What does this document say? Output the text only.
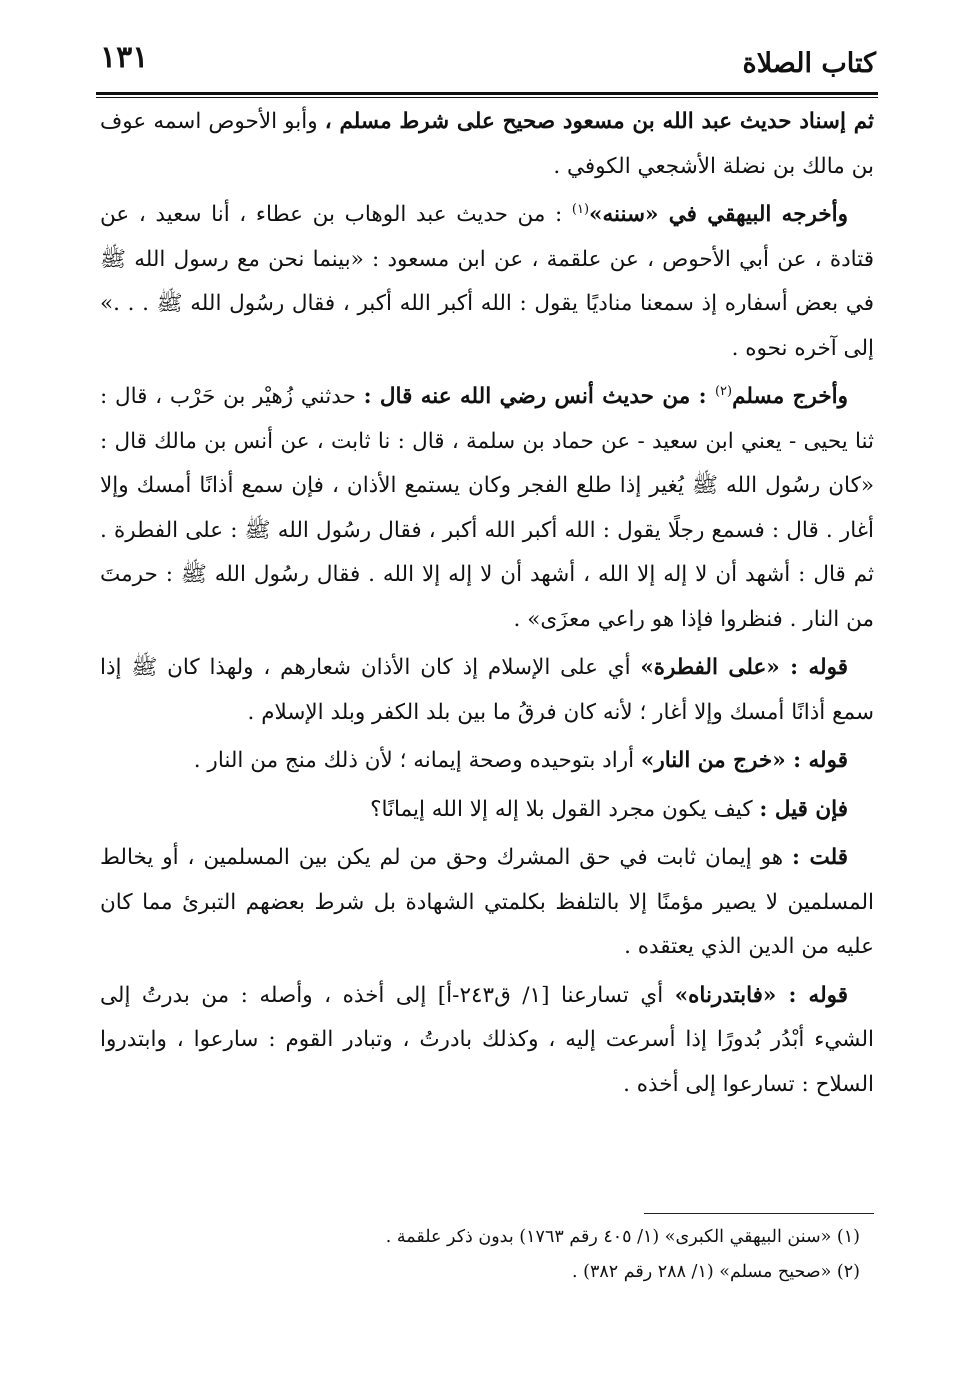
كتاب الصلاة
١٣١

ثم إسناد حديث عبد الله بن مسعود صحيح على شرط مسلم ، وأبو الأحوص اسمه عوف بن مالك بن نضلة الأشجعي الكوفي .

وأخرجه البيهقي في «سننه»$^{(١)}$ : من حديث عبد الوهاب بن عطاء ، أنا سعيد ، عن قتادة ، عن أبي الأحوص ، عن علقمة ، عن ابن مسعود : «بينما نحن مع رسول الله ﷺ في بعض أسفاره إذ سمعنا مناديًا يقول : الله أكبر الله أكبر ، فقال رسُول الله ﷺ . . .» إلى آخره نحوه .

وأخرج مسلم$^{(٢)}$ : من حديث أنس رضي الله عنه قال : حدثني زُهيْر بن حَرْب ، قال : ثنا يحيى - يعني ابن سعيد - عن حماد بن سلمة ، قال : نا ثابت ، عن أنس بن مالك قال : «كان رسُول الله ﷺ يُغير إذا طلع الفجر وكان يستمع الأذان ، فإن سمع أذانًا أمسك وإلا أغار . قال : فسمع رجلًا يقول : الله أكبر الله أكبر ، فقال رسُول الله ﷺ : على الفطرة . ثم قال : أشهد أن لا إله إلا الله ، أشهد أن لا إله إلا الله . فقال رسُول الله ﷺ : حرمتَ من النار . فنظروا فإذا هو راعي معزَى» .

قوله : «على الفطرة» أي على الإسلام إذ كان الأذان شعارهم ، ولهذا كان ﷺ إذا سمع أذانًا أمسك وإلا أغار ؛ لأنه كان فرقُ ما بين بلد الكفر وبلد الإسلام .

قوله : «خرج من النار» أراد بتوحيده وصحة إيمانه ؛ لأن ذلك منج من النار .

فإن قيل : كيف يكون مجرد القول بلا إله إلا الله إيمانًا؟

قلت : هو إيمان ثابت في حق المشرك وحق من لم يكن بين المسلمين ، أو يخالط المسلمين لا يصير مؤمنًا إلا بالتلفظ بكلمتي الشهادة بل شرط بعضهم التبرئ مما كان عليه من الدين الذي يعتقده .

قوله : «فابتدرناه» أي تسارعنا [١/ ق٢٤٣-أ] إلى أخذه ، وأصله : من بدرتُ إلى الشيء أبْدُر بُدورًا إذا أسرعت إليه ، وكذلك بادرتُ ، وتبادر القوم : سارعوا ، وابتدروا السلاح : تسارعوا إلى أخذه .

(١) «سنن البيهقي الكبرى» (١/ ٤٠٥ رقم ١٧٦٣) بدون ذكر علقمة .

(٢) «صحيح مسلم» (١/ ٢٨٨ رقم ٣٨٢) .
